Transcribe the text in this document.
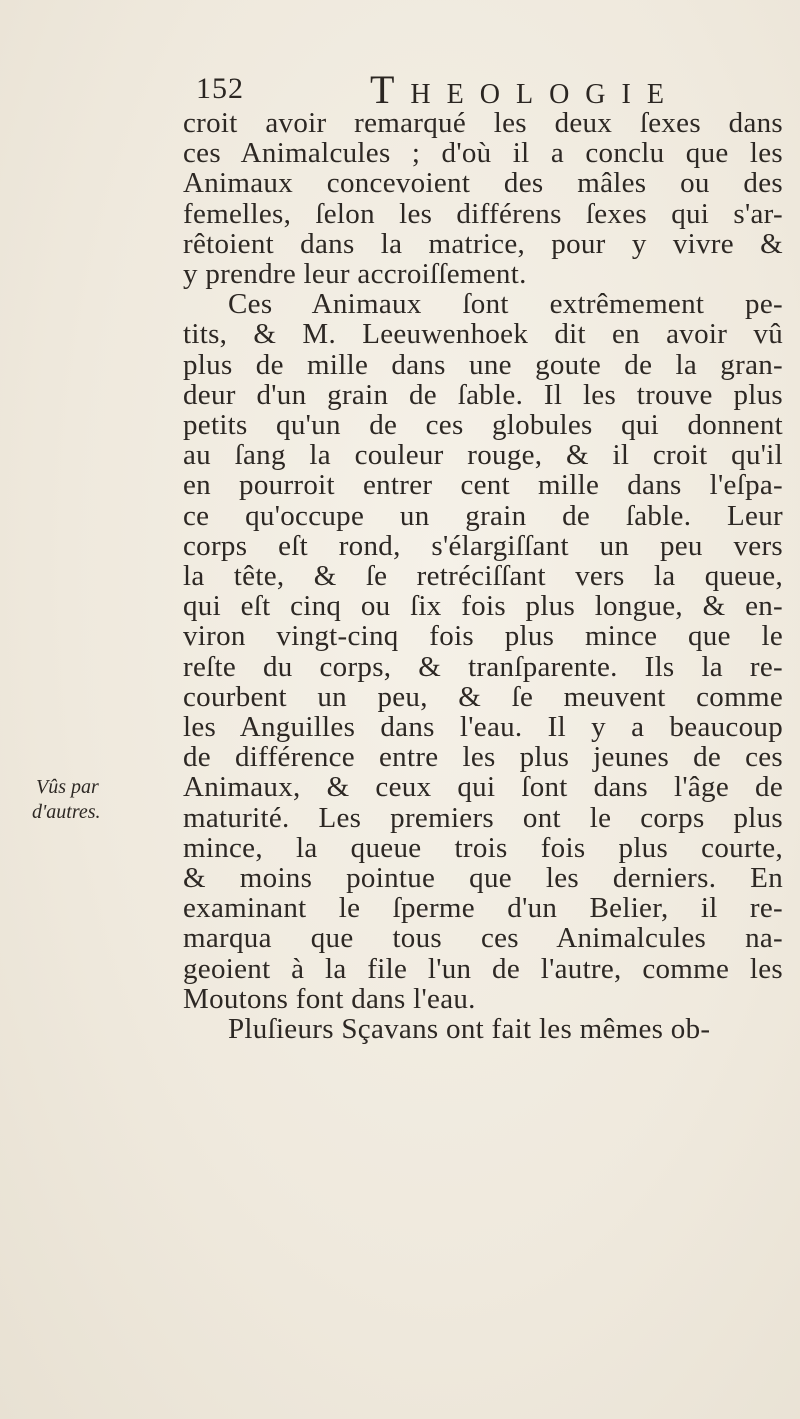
152	Theologie
Vûs par
d'autres.
croit avoir remarqué les deux ſexes dans
ces Animalcules ; d'où il a conclu que les
Animaux concevoient des mâles ou des
femelles, ſelon les différens ſexes qui s'ar-
rêtoient dans la matrice, pour y vivre &
y prendre leur accroiſſement.
Ces Animaux ſont extrêmement pe-
tits, & M. Leeuwenhoek dit en avoir vû
plus de mille dans une goute de la gran-
deur d'un grain de ſable. Il les trouve plus
petits qu'un de ces globules qui donnent
au ſang la couleur rouge, & il croit qu'il
en pourroit entrer cent mille dans l'eſpa-
ce qu'occupe un grain de ſable. Leur
corps eſt rond, s'élargiſſant un peu vers
la tête, & ſe retréciſſant vers la queue,
qui eſt cinq ou ſix fois plus longue, & en-
viron vingt-cinq fois plus mince que le
reſte du corps, & tranſparente. Ils la re-
courbent un peu, & ſe meuvent comme
les Anguilles dans l'eau. Il y a beaucoup
de différence entre les plus jeunes de ces
Animaux, & ceux qui ſont dans l'âge de
maturité. Les premiers ont le corps plus
mince, la queue trois fois plus courte,
& moins pointue que les derniers. En
examinant le ſperme d'un Belier, il re-
marqua que tous ces Animalcules na-
geoient à la file l'un de l'autre, comme les
Moutons font dans l'eau.
Pluſieurs Sçavans ont fait les mêmes ob-
